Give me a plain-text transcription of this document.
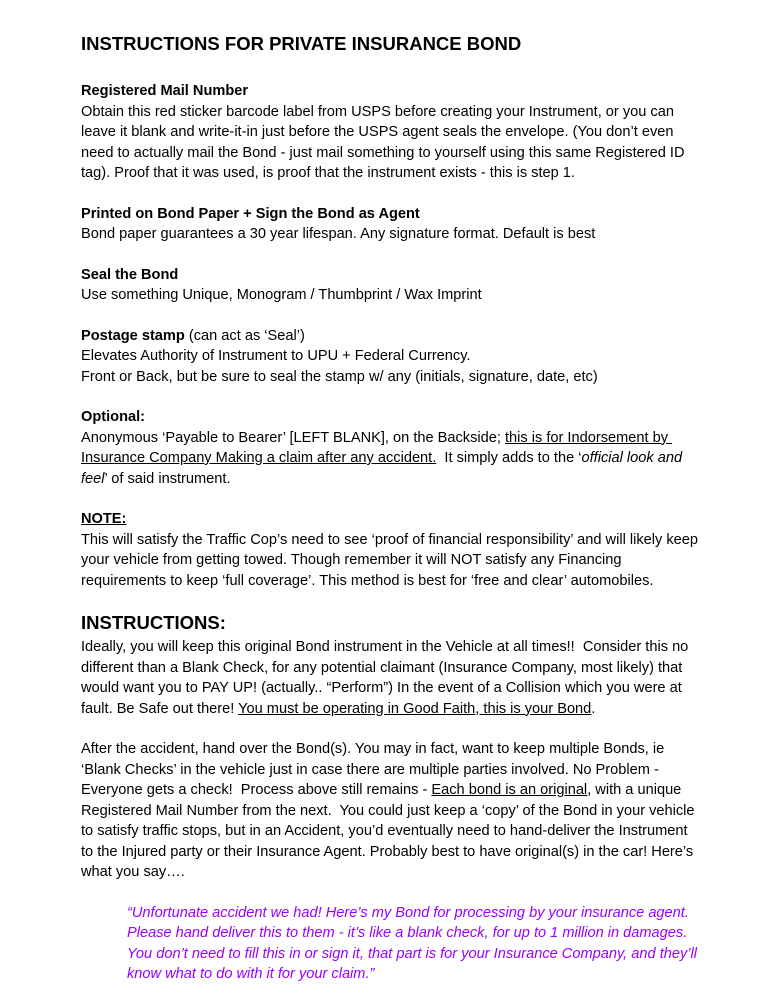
INSTRUCTIONS FOR PRIVATE INSURANCE BOND

Registered Mail Number

Obtain this red sticker barcode label from USPS before creating your Instrument, or you can leave it blank and write-it-in just before the USPS agent seals the envelope. (You don’t even need to actually mail the Bond - just mail something to yourself using this same Registered ID tag). Proof that it was used, is proof that the instrument exists - this is step 1.

Printed on Bond Paper + Sign the Bond as Agent

Bond paper guarantees a 30 year lifespan. Any signature format. Default is best

Seal the Bond

Use something Unique, Monogram / Thumbprint / Wax Imprint

Postage stamp (can act as ‘Seal’)

Elevates Authority of Instrument to UPU + Federal Currency.

Front or Back, but be sure to seal the stamp w/ any (initials, signature, date, etc)

Optional:

Anonymous ‘Payable to Bearer’ [LEFT BLANK], on the Backside; this is for Indorsement by Insurance Company Making a claim after any accident.  It simply adds to the ‘official look and feel’ of said instrument.

NOTE:

This will satisfy the Traffic Cop’s need to see ‘proof of financial responsibility’ and will likely keep your vehicle from getting towed. Though remember it will NOT satisfy any Financing requirements to keep ‘full coverage’. This method is best for ‘free and clear’ automobiles.

INSTRUCTIONS:

Ideally, you will keep this original Bond instrument in the Vehicle at all times!!  Consider this no different than a Blank Check, for any potential claimant (Insurance Company, most likely) that would want you to PAY UP! (actually.. “Perform”) In the event of a Collision which you were at fault. Be Safe out there! You must be operating in Good Faith, this is your Bond.

After the accident, hand over the Bond(s). You may in fact, want to keep multiple Bonds, ie ‘Blank Checks’ in the vehicle just in case there are multiple parties involved. No Problem - Everyone gets a check!  Process above still remains - Each bond is an original, with a unique Registered Mail Number from the next.  You could just keep a ‘copy’ of the Bond in your vehicle to satisfy traffic stops, but in an Accident, you’d eventually need to hand-deliver the Instrument to the Injured party or their Insurance Agent. Probably best to have original(s) in the car! Here’s what you say….

“Unfortunate accident we had! Here’s my Bond for processing by your insurance agent. Please hand deliver this to them - it’s like a blank check, for up to 1 million in damages.  You don’t need to fill this in or sign it, that part is for your Insurance Company, and they’ll know what to do with it for your claim.”
